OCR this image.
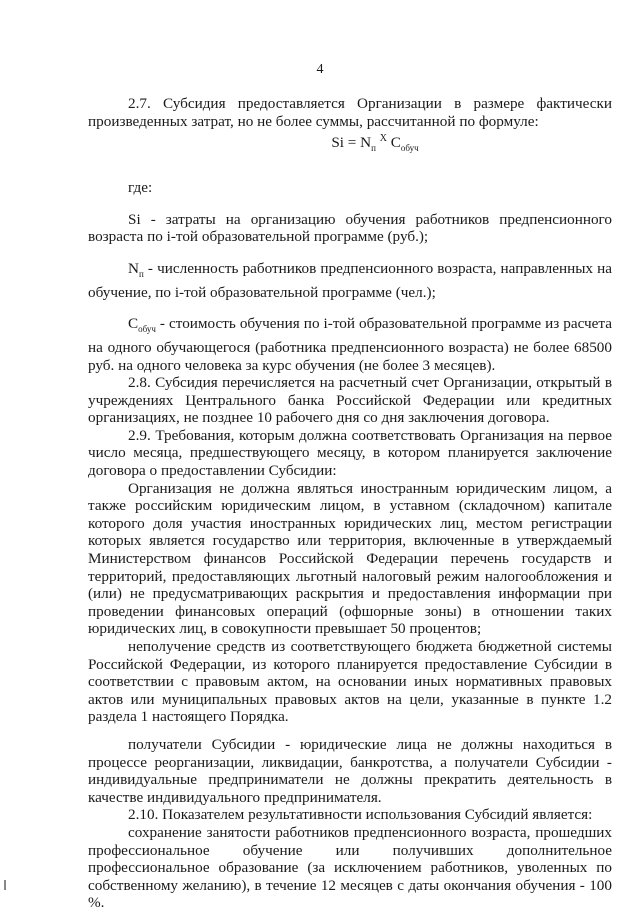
4

2.7. Субсидия предоставляется Организации в размере фактически произведенных затрат, но не более суммы, рассчитанной по формуле:

$Si = N_п$ $^X$ $C_{обуч}$

где:

Si - затраты на организацию обучения работников предпенсионного возраста по i-той образовательной программе (руб.);

$N_п$ - численность работников предпенсионного возраста, направленных на обучение, по i-той образовательной программе (чел.);

$C_{обуч}$ - стоимость обучения по i-той образовательной программе из расчета на одного обучающегося (работника предпенсионного возраста) не более 68500 руб. на одного человека за курс обучения (не более 3 месяцев).

2.8. Субсидия перечисляется на расчетный счет Организации, открытый в учреждениях Центрального банка Российской Федерации или кредитных организациях, не позднее 10 рабочего дня со дня заключения договора.

2.9. Требования, которым должна соответствовать Организация на первое число месяца, предшествующего месяцу, в котором планируется заключение договора о предоставлении Субсидии:

Организация не должна являться иностранным юридическим лицом, а также российским юридическим лицом, в уставном (складочном) капитале которого доля участия иностранных юридических лиц, местом регистрации которых является государство или территория, включенные в утверждаемый Министерством финансов Российской Федерации перечень государств и территорий, предоставляющих льготный налоговый режим налогообложения и (или) не предусматривающих раскрытия и предоставления информации при проведении финансовых операций (офшорные зоны) в отношении таких юридических лиц, в совокупности превышает 50 процентов;

неполучение средств из соответствующего бюджета бюджетной системы Российской Федерации, из которого планируется предоставление Субсидии в соответствии с правовым актом, на основании иных нормативных правовых актов или муниципальных правовых актов на цели, указанные в пункте 1.2 раздела 1 настоящего Порядка.

получатели Субсидии - юридические лица не должны находиться в процессе реорганизации, ликвидации, банкротства, а получатели Субсидии - индивидуальные предприниматели не должны прекратить деятельность в качестве индивидуального предпринимателя.

2.10. Показателем результативности использования Субсидий является:

сохранение занятости работников предпенсионного возраста, прошедших профессиональное обучение или получивших дополнительное профессиональное образование (за исключением работников, уволенных по собственному желанию), в течение 12 месяцев с даты окончания обучения - 100 %.
